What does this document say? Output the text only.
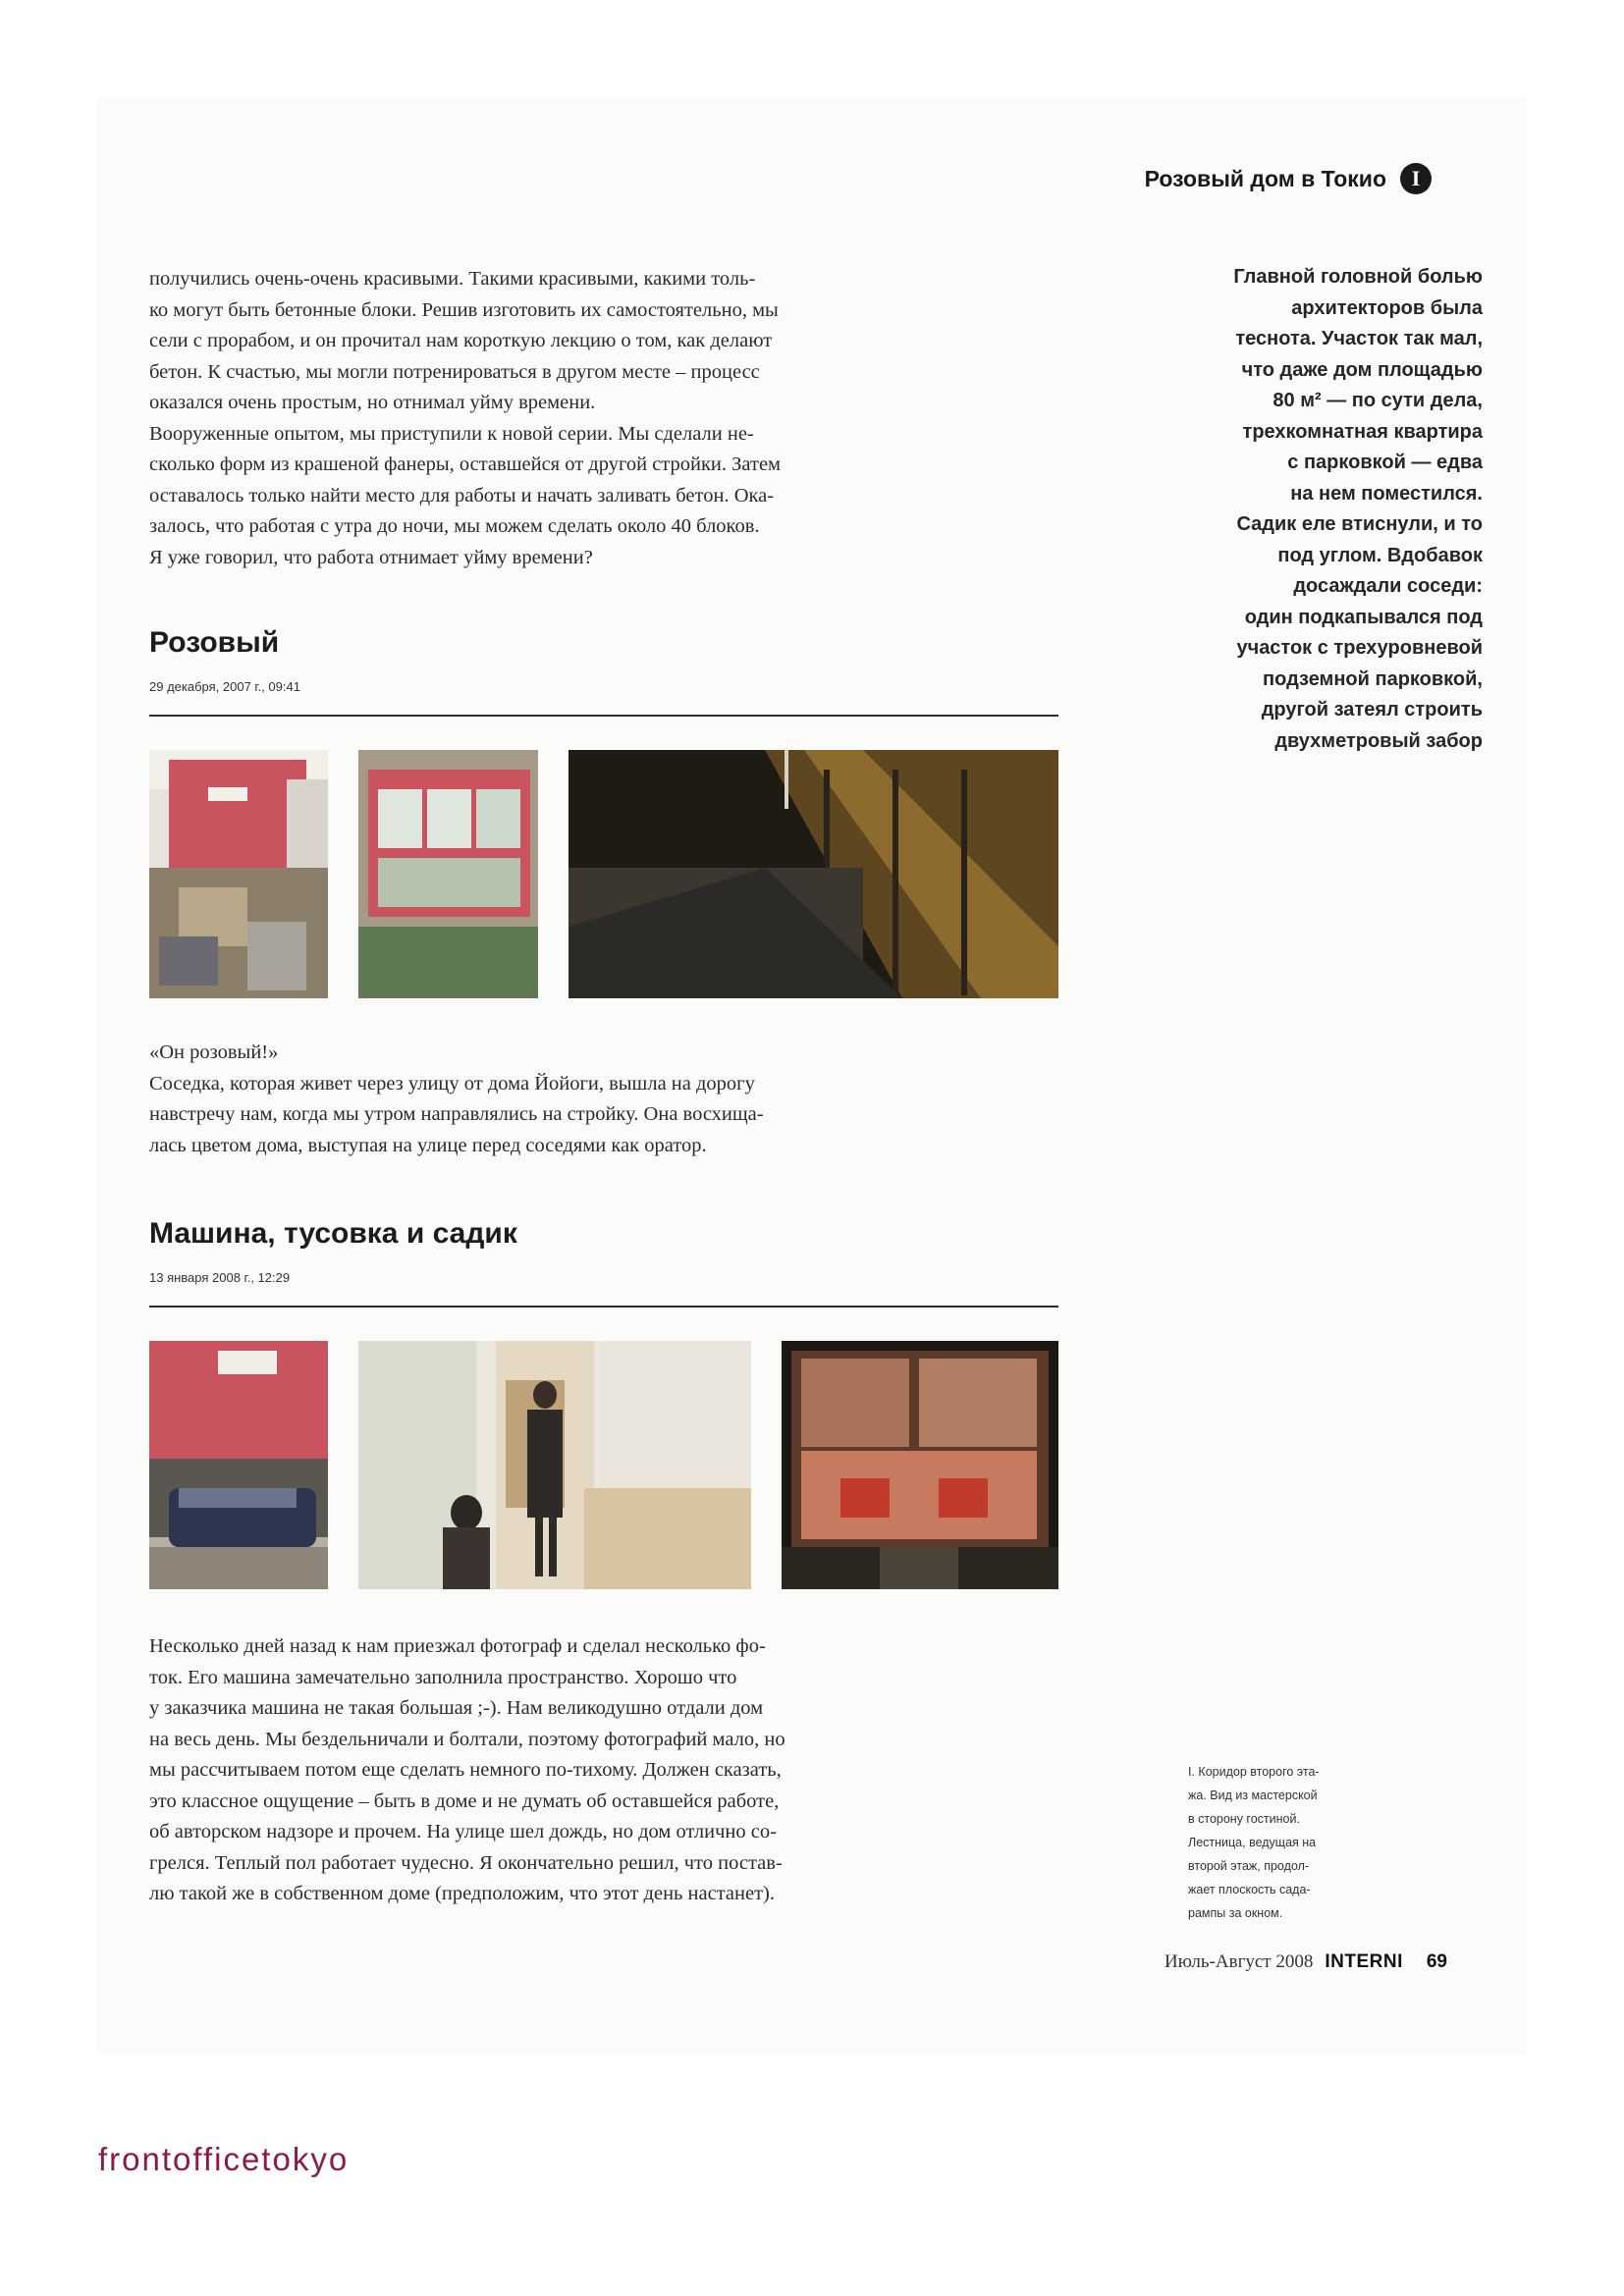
Розовый дом в Токио	I
получились очень-очень красивыми. Такими красивыми, какими толь-
ко могут быть бетонные блоки. Решив изготовить их самостоятельно, мы
сели с прорабом, и он прочитал нам короткую лекцию о том, как делают
бетон. К счастью, мы могли потренироваться в другом месте – процесс
оказался очень простым, но отнимал уйму времени.
Вооруженные опытом, мы приступили к новой серии. Мы сделали не-
сколько форм из крашеной фанеры, оставшейся от другой стройки. Затем
оставалось только найти место для работы и начать заливать бетон. Ока-
залось, что работая с утра до ночи, мы можем сделать около 40 блоков.
Я уже говорил, что работа отнимает уйму времени?
Главной головной болью
архитекторов была
теснота. Участок так мал,
что даже дом площадью
80 м² — по сути дела,
трехкомнатная квартира
с парковкой — едва
на нем поместился.
Садик еле втиснули, и то
под углом. Вдобавок
досаждали соседи:
один подкапывался под
участок с трехуровневой
подземной парковкой,
другой затеял строить
двухметровый забор
Розовый
29 декабря, 2007 г., 09:41
«Он розовый!»
Соседка, которая живет через улицу от дома Йойоги, вышла на дорогу
навстречу нам, когда мы утром направлялись на стройку. Она восхища-
лась цветом дома, выступая на улице перед соседями как оратор.
Машина, тусовка и садик
13 января 2008 г., 12:29
Несколько дней назад к нам приезжал фотограф и сделал несколько фо-
ток. Его машина замечательно заполнила пространство. Хорошо что
у заказчика машина не такая большая ;-). Нам великодушно отдали дом
на весь день. Мы бездельничали и болтали, поэтому фотографий мало, но
мы рассчитываем потом еще сделать немного по-тихому. Должен сказать,
это классное ощущение – быть в доме и не думать об оставшейся работе,
об авторском надзоре и прочем. На улице шел дождь, но дом отлично со-
грелся. Теплый пол работает чудесно. Я окончательно решил, что постав-
лю такой же в собственном доме (предположим, что этот день настанет).
I. Коридор второго эта-
жа. Вид из мастерской
в сторону гостиной.
Лестница, ведущая на
второй этаж, продол-
жает плоскость сада-
рампы за окном.
Июль-Август 2008 INTERNI 69
frontofficetokyo
